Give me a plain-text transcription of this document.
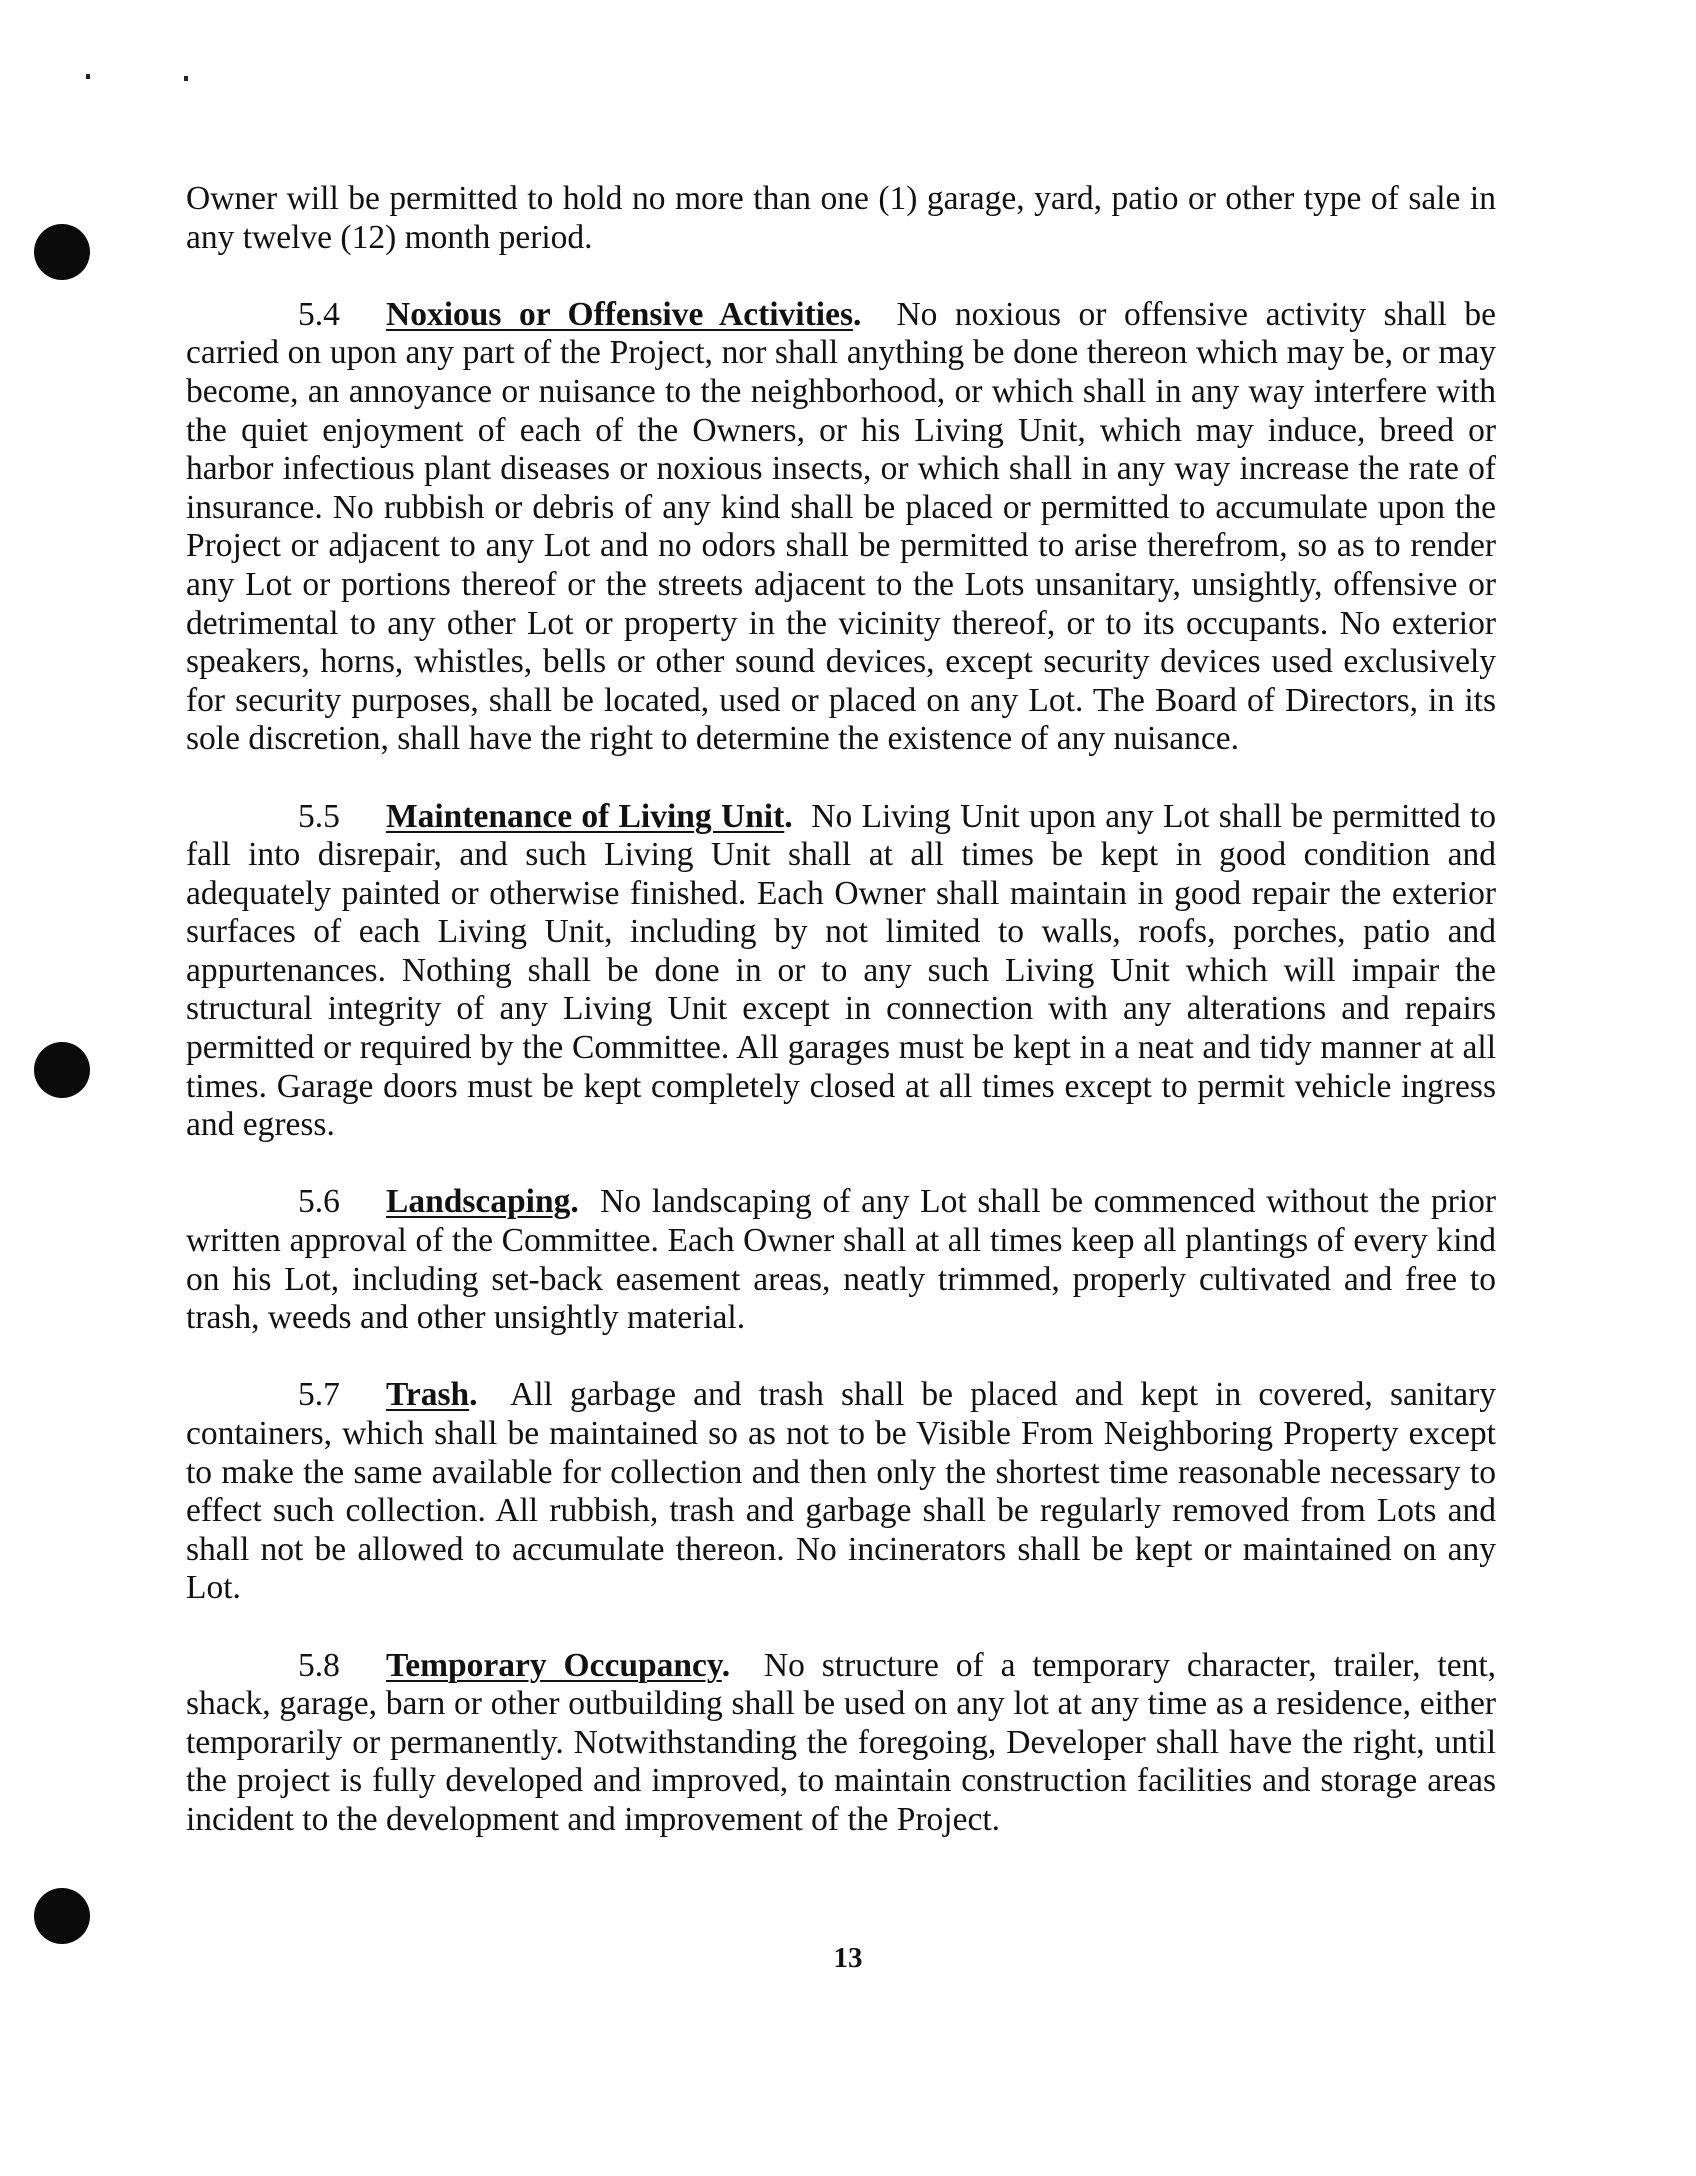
Owner will be permitted to hold no more than one (1) garage, yard, patio or other type of sale in any twelve (12) month period.

5.4 Noxious or Offensive Activities. No noxious or offensive activity shall be carried on upon any part of the Project, nor shall anything be done thereon which may be, or may become, an annoyance or nuisance to the neighborhood, or which shall in any way interfere with the quiet enjoyment of each of the Owners, or his Living Unit, which may induce, breed or harbor infectious plant diseases or noxious insects, or which shall in any way increase the rate of insurance. No rubbish or debris of any kind shall be placed or permitted to accumulate upon the Project or adjacent to any Lot and no odors shall be permitted to arise therefrom, so as to render any Lot or portions thereof or the streets adjacent to the Lots unsanitary, unsightly, offensive or detrimental to any other Lot or property in the vicinity thereof, or to its occupants. No exterior speakers, horns, whistles, bells or other sound devices, except security devices used exclusively for security purposes, shall be located, used or placed on any Lot. The Board of Directors, in its sole discretion, shall have the right to determine the existence of any nuisance.

5.5 Maintenance of Living Unit. No Living Unit upon any Lot shall be permitted to fall into disrepair, and such Living Unit shall at all times be kept in good condition and adequately painted or otherwise finished. Each Owner shall maintain in good repair the exterior surfaces of each Living Unit, including by not limited to walls, roofs, porches, patio and appurtenances. Nothing shall be done in or to any such Living Unit which will impair the structural integrity of any Living Unit except in connection with any alterations and repairs permitted or required by the Committee. All garages must be kept in a neat and tidy manner at all times. Garage doors must be kept completely closed at all times except to permit vehicle ingress and egress.

5.6 Landscaping. No landscaping of any Lot shall be commenced without the prior written approval of the Committee. Each Owner shall at all times keep all plantings of every kind on his Lot, including set-back easement areas, neatly trimmed, properly cultivated and free to trash, weeds and other unsightly material.

5.7 Trash. All garbage and trash shall be placed and kept in covered, sanitary containers, which shall be maintained so as not to be Visible From Neighboring Property except to make the same available for collection and then only the shortest time reasonable necessary to effect such collection. All rubbish, trash and garbage shall be regularly removed from Lots and shall not be allowed to accumulate thereon. No incinerators shall be kept or maintained on any Lot.

5.8 Temporary Occupancy. No structure of a temporary character, trailer, tent, shack, garage, barn or other outbuilding shall be used on any lot at any time as a residence, either temporarily or permanently. Notwithstanding the foregoing, Developer shall have the right, until the project is fully developed and improved, to maintain construction facilities and storage areas incident to the development and improvement of the Project.

13
